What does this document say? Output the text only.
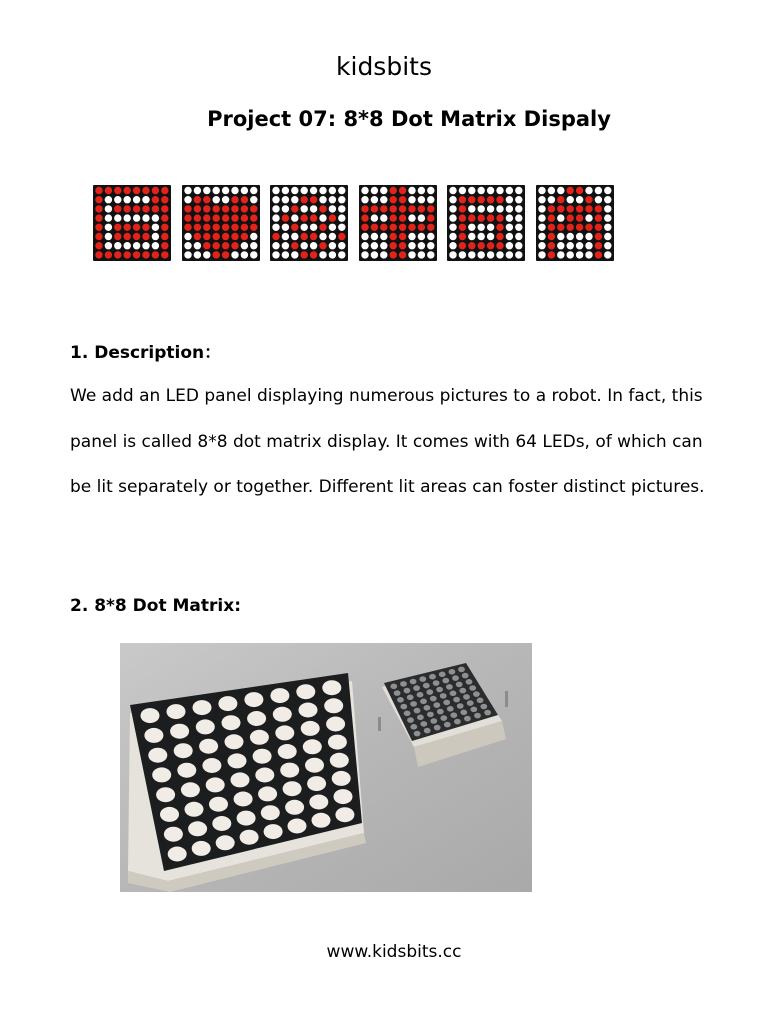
kidsbits
Project 07: 8*8 Dot Matrix Dispaly
1. Description：
We add an LED panel displaying numerous pictures to a robot. In fact, this panel is called 8*8 dot matrix display. It comes with 64 LEDs, of which can be lit separately or together. Different lit areas can foster distinct pictures.
2. 8*8 Dot Matrix:
www.kidsbits.cc
